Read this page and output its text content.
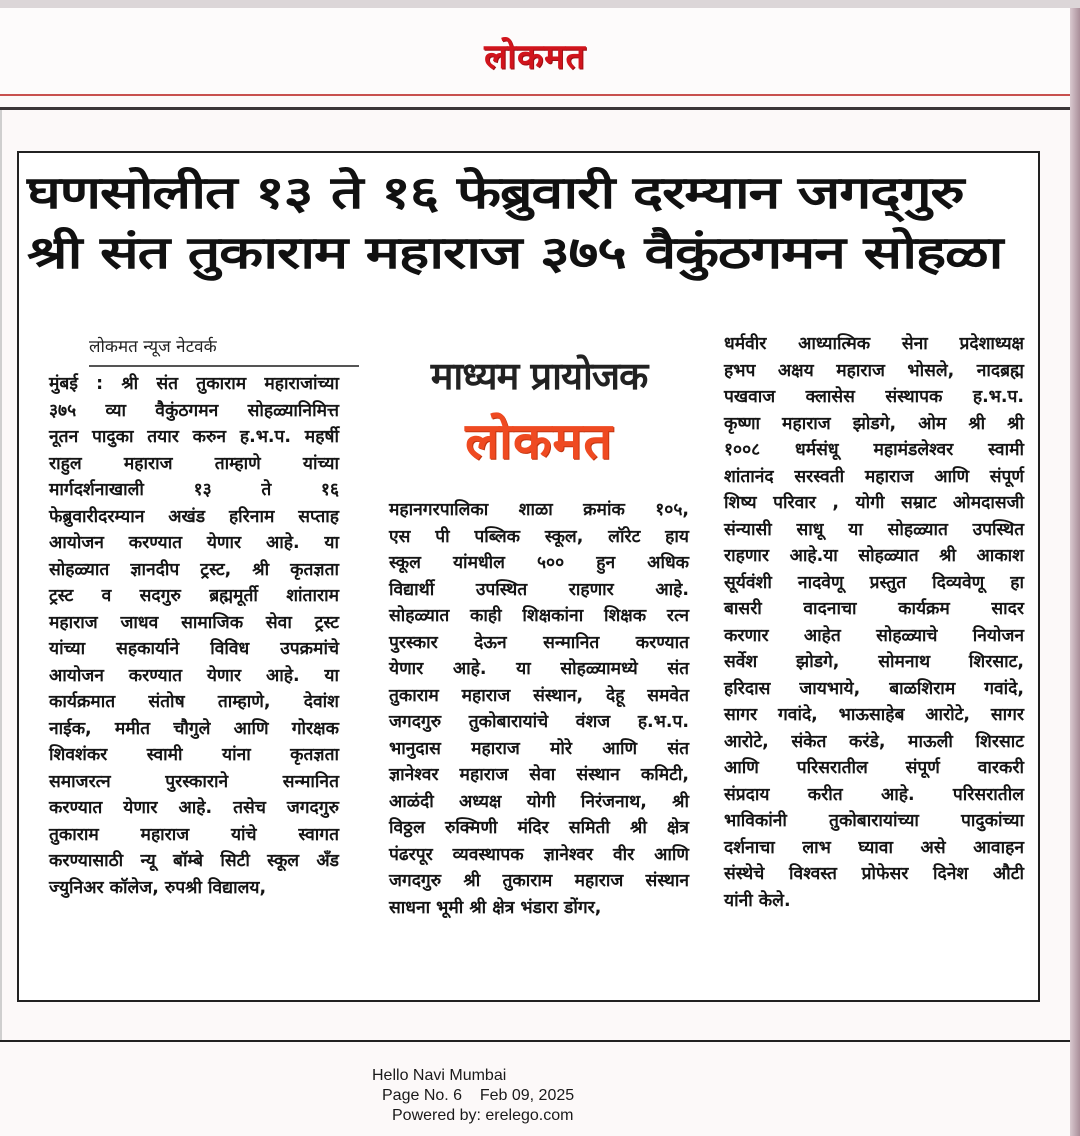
लोकमत
घणसोलीत १३ ते १६ फेब्रुवारी दरम्यान जगद्‌गुरु
श्री संत तुकाराम महाराज ३७५ वैकुंठगमन सोहळा
लोकमत न्यूज नेटवर्क
मुंबई : श्री संत तुकाराम महाराजांच्या
३७५ व्या वैकुंठगमन सोहळ्यानिमित्त
नूतन पादुका तयार करुन ह.भ.प. महर्षी
राहुल महाराज ताम्हाणे यांच्या
मार्गदर्शनाखाली १३ ते १६
फेब्रुवारीदरम्यान अखंड हरिनाम सप्ताह
आयोजन करण्यात येणार आहे. या
सोहळ्यात ज्ञानदीप ट्रस्ट, श्री कृतज्ञता
ट्रस्ट व सदगुरु ब्रह्ममूर्ती शांताराम
महाराज जाधव सामाजिक सेवा ट्रस्ट
यांच्या सहकार्याने विविध उपक्रमांचे
आयोजन करण्यात येणार आहे. या
कार्यक्रमात संतोष ताम्हाणे, देवांश
नाईक, ममीत चौगुले आणि गोरक्षक
शिवशंकर स्वामी यांना कृतज्ञता
समाजरत्न पुरस्काराने सन्मानित
करण्यात येणार आहे. तसेच जगदगुरु
तुकाराम महाराज यांचे स्वागत
करण्यासाठी न्यू बॉम्बे सिटी स्कूल अँड
ज्युनिअर कॉलेज, रुपश्री विद्यालय,
माध्यम प्रायोजक
लोकमत
महानगरपालिका शाळा क्रमांक १०५,
एस पी पब्लिक स्कूल, लॉरेट हाय
स्कूल यांमधील ५०० हुन अधिक
विद्यार्थी उपस्थित राहणार आहे.
सोहळ्यात काही शिक्षकांना शिक्षक रत्न
पुरस्कार देऊन सन्मानित करण्यात
येणार आहे. या सोहळ्यामध्ये संत
तुकाराम महाराज संस्थान, देहू समवेत
जगदगुरु तुकोबारायांचे वंशज ह.भ.प.
भानुदास महाराज मोरे आणि संत
ज्ञानेश्वर महाराज सेवा संस्थान कमिटी,
आळंदी अध्यक्ष योगी निरंजनाथ, श्री
विठ्ठल रुक्मिणी मंदिर समिती श्री क्षेत्र
पंढरपूर व्यवस्थापक ज्ञानेश्वर वीर आणि
जगदगुरु श्री तुकाराम महाराज संस्थान
साधना भूमी श्री क्षेत्र भंडारा डोंगर,
धर्मवीर आध्यात्मिक सेना प्रदेशाध्यक्ष
हभप अक्षय महाराज भोसले, नादब्रह्म
पखवाज क्लासेस संस्थापक ह.भ.प.
कृष्णा महाराज झोडगे, ओम श्री श्री
१००८ धर्मसंधू महामंडलेश्वर स्वामी
शांतानंद सरस्वती महाराज आणि संपूर्ण
शिष्य परिवार , योगी सम्राट ओमदासजी
संन्यासी साधू या सोहळ्यात उपस्थित
राहणार आहे.या सोहळ्यात श्री आकाश
सूर्यवंशी नादवेणू प्रस्तुत दिव्यवेणू हा
बासरी वादनाचा कार्यक्रम सादर
करणार आहेत सोहळ्याचे नियोजन
सर्वेश झोडगे, सोमनाथ शिरसाट,
हरिदास जायभाये, बाळशिराम गवांदे,
सागर गवांदे, भाऊसाहेब आरोटे, सागर
आरोटे, संकेत करंडे, माऊली शिरसाट
आणि परिसरातील संपूर्ण वारकरी
संप्रदाय करीत आहे. परिसरातील
भाविकांनी तुकोबारायांच्या पादुकांच्या
दर्शनाचा लाभ घ्यावा असे आवाहन
संस्थेचे विश्वस्त प्रोफेसर दिनेश औटी
यांनी केले.
Hello Navi Mumbai
Page No. 6    Feb 09, 2025
Powered by: erelego.com
